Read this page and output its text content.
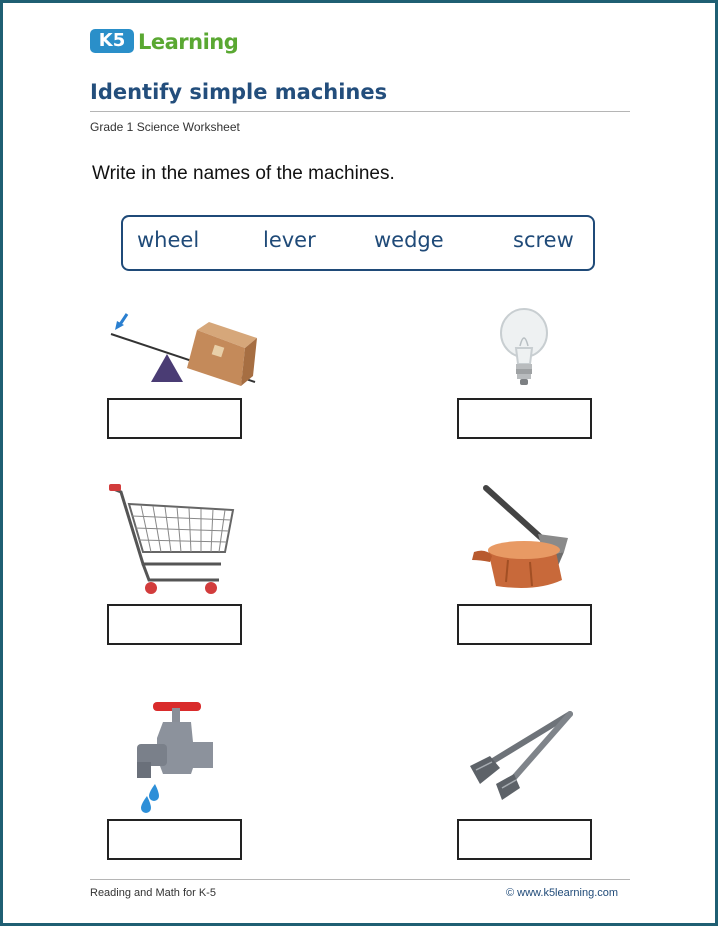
K5 Learning
Identify simple machines
Grade 1 Science Worksheet
Write in the names of the machines.
wheel	lever	wedge	screw
Reading and Math for K-5	© www.k5learning.com
